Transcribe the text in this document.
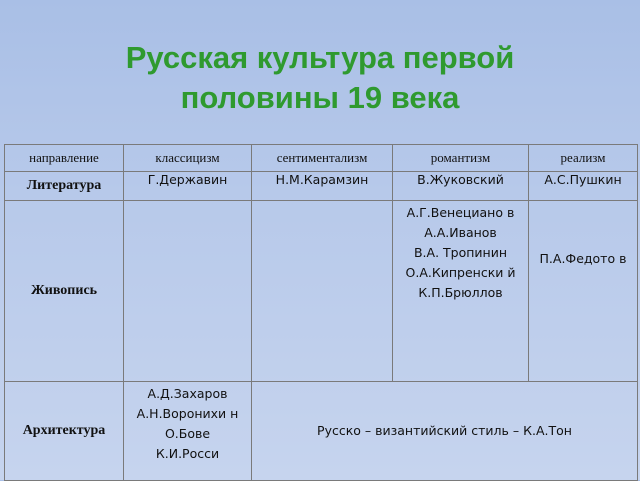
Русская культура первой
половины 19 века
направление	классицизм	сентиментализм	романтизм	реализм
Литература	Г.Державин	Н.М.Карамзин	В.Жуковский	А.С.Пушкин
Живопись			А.Г.Венециано в
А.А.Иванов
В.А. Тропинин
О.А.Кипренски й
К.П.Брюллов	П.А.Федото в

Архитектура	А.Д.Захаров
А.Н.Воронихи н
О.Бове
К.И.Росси	Русско – византийский стиль – К.А.Тон		
